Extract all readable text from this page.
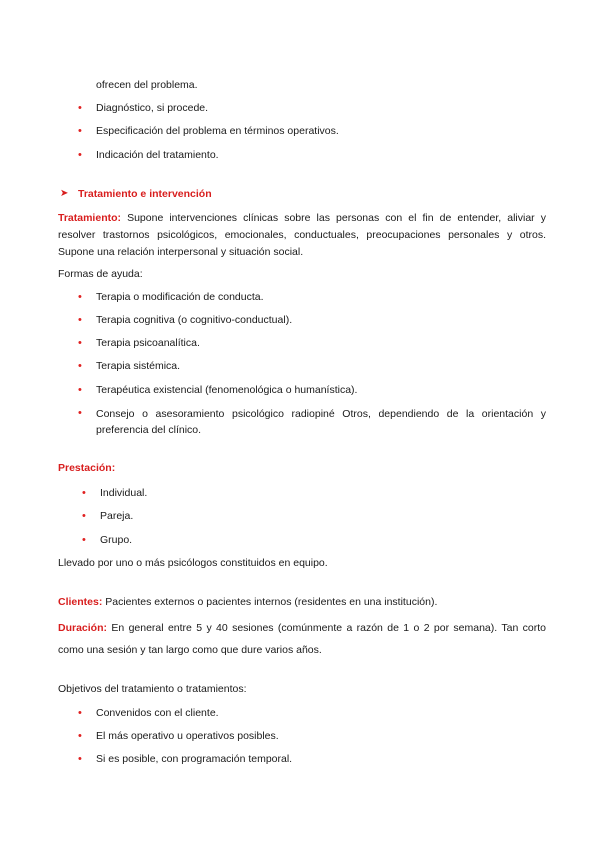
ofrecen del problema.
• Diagnóstico, si procede.
• Especificación del problema en términos operativos.
• Indicación del tratamiento.
➤ Tratamiento e intervención
Tratamiento: Supone intervenciones clínicas sobre las personas con el fin de entender, aliviar y
resolver trastornos psicológicos, emocionales, conductuales, preocupaciones personales y otros.
Supone una relación interpersonal y situación social.
Formas de ayuda:
• Terapia o modificación de conducta.
• Terapia cognitiva (o cognitivo-conductual).
• Terapia psicoanalítica.
• Terapia sistémica.
• Terapéutica existencial (fenomenológica o humanística).
• Consejo o asesoramiento psicológico radiopiné Otros, dependiendo de la orientación y
preferencia del clínico.
Prestación:
• Individual.
• Pareja.
• Grupo.
Llevado por uno o más psicólogos constituidos en equipo.
Clientes: Pacientes externos o pacientes internos (residentes en una institución).
Duración: En general entre 5 y 40 sesiones (comúnmente a razón de 1 o 2 por semana). Tan corto
como una sesión y tan largo como que dure varios años.
Objetivos del tratamiento o tratamientos:
• Convenidos con el cliente.
• El más operativo u operativos posibles.
• Si es posible, con programación temporal.
